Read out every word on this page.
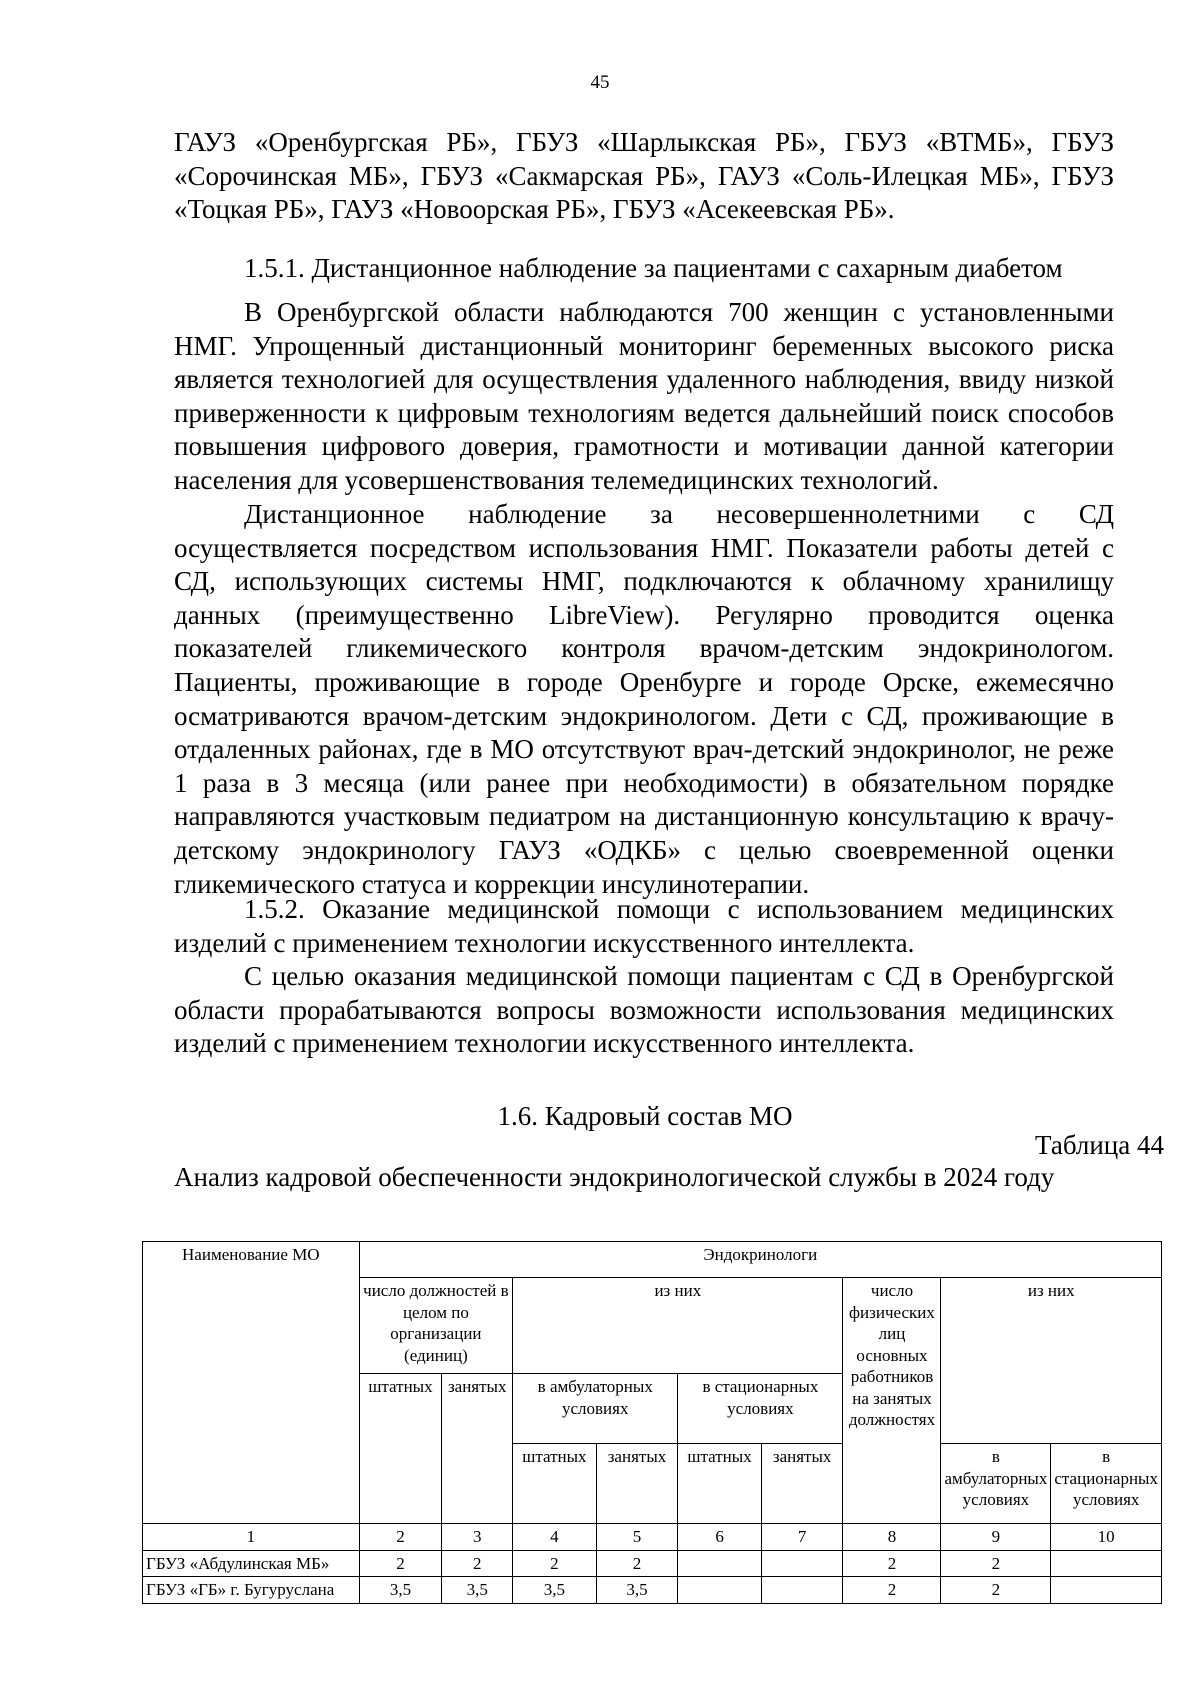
45

ГАУЗ «Оренбургская РБ», ГБУЗ «Шарлыкская РБ», ГБУЗ «ВТМБ», ГБУЗ «Сорочинская МБ», ГБУЗ «Сакмарская РБ», ГАУЗ «Соль-Илецкая МБ», ГБУЗ «Тоцкая РБ», ГАУЗ «Новоорская РБ», ГБУЗ «Асекеевская РБ».

1.5.1. Дистанционное наблюдение за пациентами с сахарным диабетом

В Оренбургской области наблюдаются 700 женщин с установленными НМГ. Упрощенный дистанционный мониторинг беременных высокого риска является технологией для осуществления удаленного наблюдения, ввиду низкой приверженности к цифровым технологиям ведется дальнейший поиск способов повышения цифрового доверия, грамотности и мотивации данной категории населения для усовершенствования телемедицинских технологий.

Дистанционное наблюдение за несовершеннолетними с СД осуществляется посредством использования НМГ. Показатели работы детей с СД, использующих системы НМГ, подключаются к облачному хранилищу данных (преимущественно LibreView). Регулярно проводится оценка показателей гликемического контроля врачом-детским эндокринологом. Пациенты, проживающие в городе Оренбурге и городе Орске, ежемесячно осматриваются врачом-детским эндокринологом. Дети с СД, проживающие в отдаленных районах, где в МО отсутствуют врач-детский эндокринолог, не реже 1 раза в 3 месяца (или ранее при необходимости) в обязательном порядке направляются участковым педиатром на дистанционную консультацию к врачу-детскому эндокринологу ГАУЗ «ОДКБ» с целью своевременной оценки гликемического статуса и коррекции инсулинотерапии.

1.5.2. Оказание медицинской помощи с использованием медицинских изделий с применением технологии искусственного интеллекта.

С целью оказания медицинской помощи пациентам с СД в Оренбургской области прорабатываются вопросы возможности использования медицинских изделий с применением технологии искусственного интеллекта.

1.6. Кадровый состав МО
Таблица 44
Анализ кадровой обеспеченности эндокринологической службы в 2024 году
Наименование МО	Эндокринологи								
	число должностей в целом по организации (единиц)		из них				число физических лиц основных работников на занятых должностях	из них	
	штатных	занятых	в амбулаторных условиях		в стационарных условиях				
			штатных	занятых	штатных	занятых		в амбулаторных условиях	в стационарных условиях

1	2	3	4	5	6	7	8	9	10
ГБУЗ «Абдулинская МБ»	2	2	2	2			2	2	
ГБУЗ «ГБ» г. Бугуруслана	3,5	3,5	3,5	3,5			2	2	
